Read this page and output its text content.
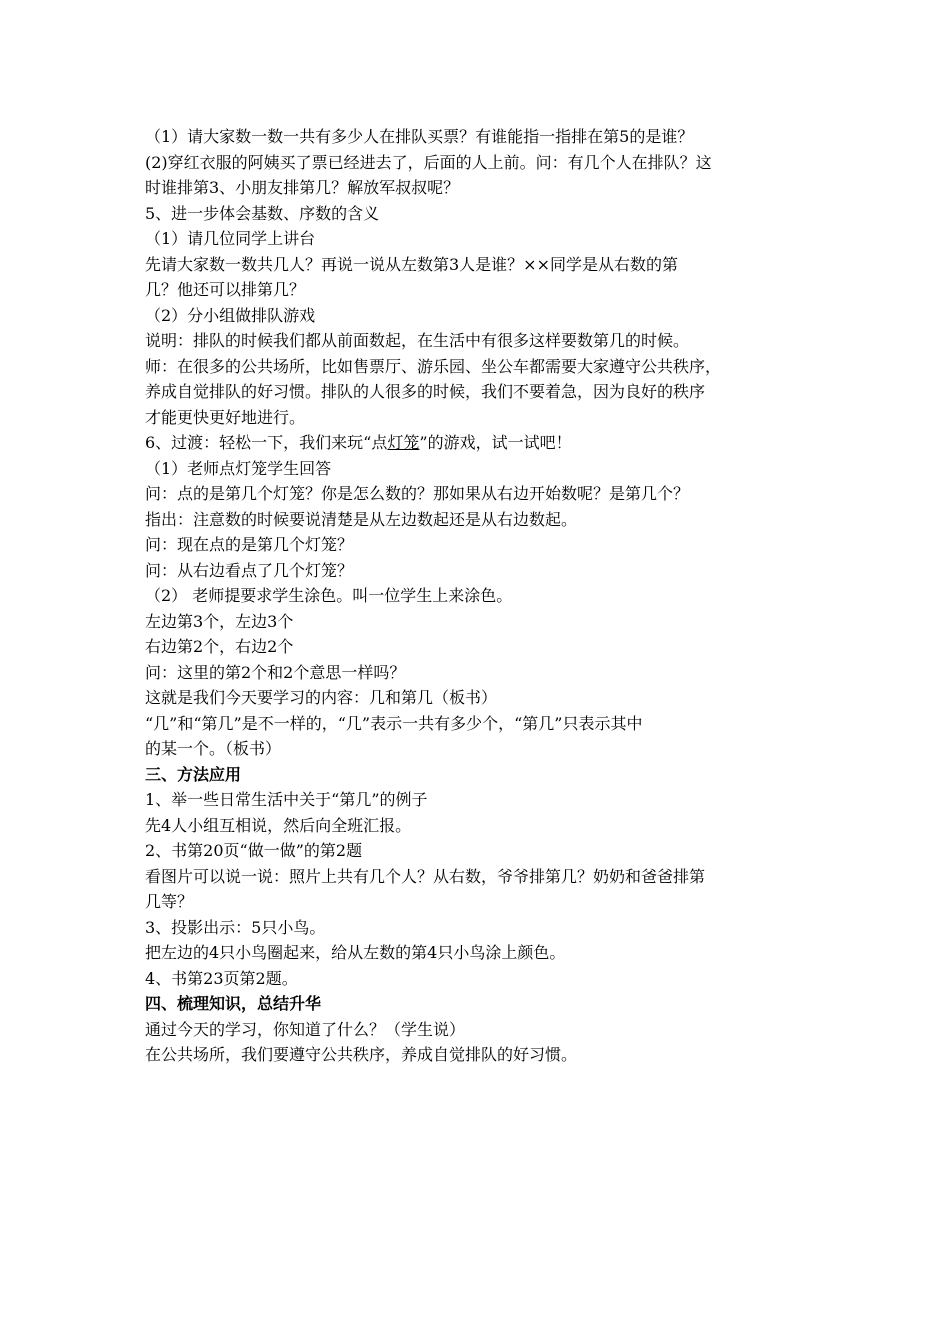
（1）请大家数一数一共有多少人在排队买票？有谁能指一指排在第5的是谁？
(2)穿红衣服的阿姨买了票已经进去了，后面的人上前。问：有几个人在排队？这
时谁排第3、小朋友排第几？解放军叔叔呢？
5、进一步体会基数、序数的含义
（1）请几位同学上讲台
先请大家数一数共几人？再说一说从左数第3人是谁？××同学是从右数的第
几？他还可以排第几？
（2）分小组做排队游戏
说明：排队的时候我们都从前面数起，在生活中有很多这样要数第几的时候。
师：在很多的公共场所，比如售票厅、游乐园、坐公车都需要大家遵守公共秩序，
养成自觉排队的好习惯。排队的人很多的时候，我们不要着急，因为良好的秩序
才能更快更好地进行。
6、过渡：轻松一下，我们来玩“点灯笼”的游戏，试一试吧！
（1）老师点灯笼学生回答
问：点的是第几个灯笼？你是怎么数的？那如果从右边开始数呢？是第几个？
指出：注意数的时候要说清楚是从左边数起还是从右边数起。
问：现在点的是第几个灯笼？
问：从右边看点了几个灯笼？
（2） 老师提要求学生涂色。叫一位学生上来涂色。
左边第3个，左边3个
右边第2个，右边2个
问：这里的第2个和2个意思一样吗？
这就是我们今天要学习的内容：几和第几（板书）
“几”和“第几”是不一样的，“几”表示一共有多少个，“第几”只表示其中
的某一个。（板书）
三、方法应用
1、举一些日常生活中关于“第几”的例子
先4人小组互相说，然后向全班汇报。
2、书第20页“做一做”的第2题
看图片可以说一说：照片上共有几个人？从右数，爷爷排第几？奶奶和爸爸排第
几等？
3、投影出示：5只小鸟。
把左边的4只小鸟圈起来，给从左数的第4只小鸟涂上颜色。
4、书第23页第2题。
四、梳理知识，总结升华
通过今天的学习，你知道了什么？（学生说）
在公共场所，我们要遵守公共秩序，养成自觉排队的好习惯。
